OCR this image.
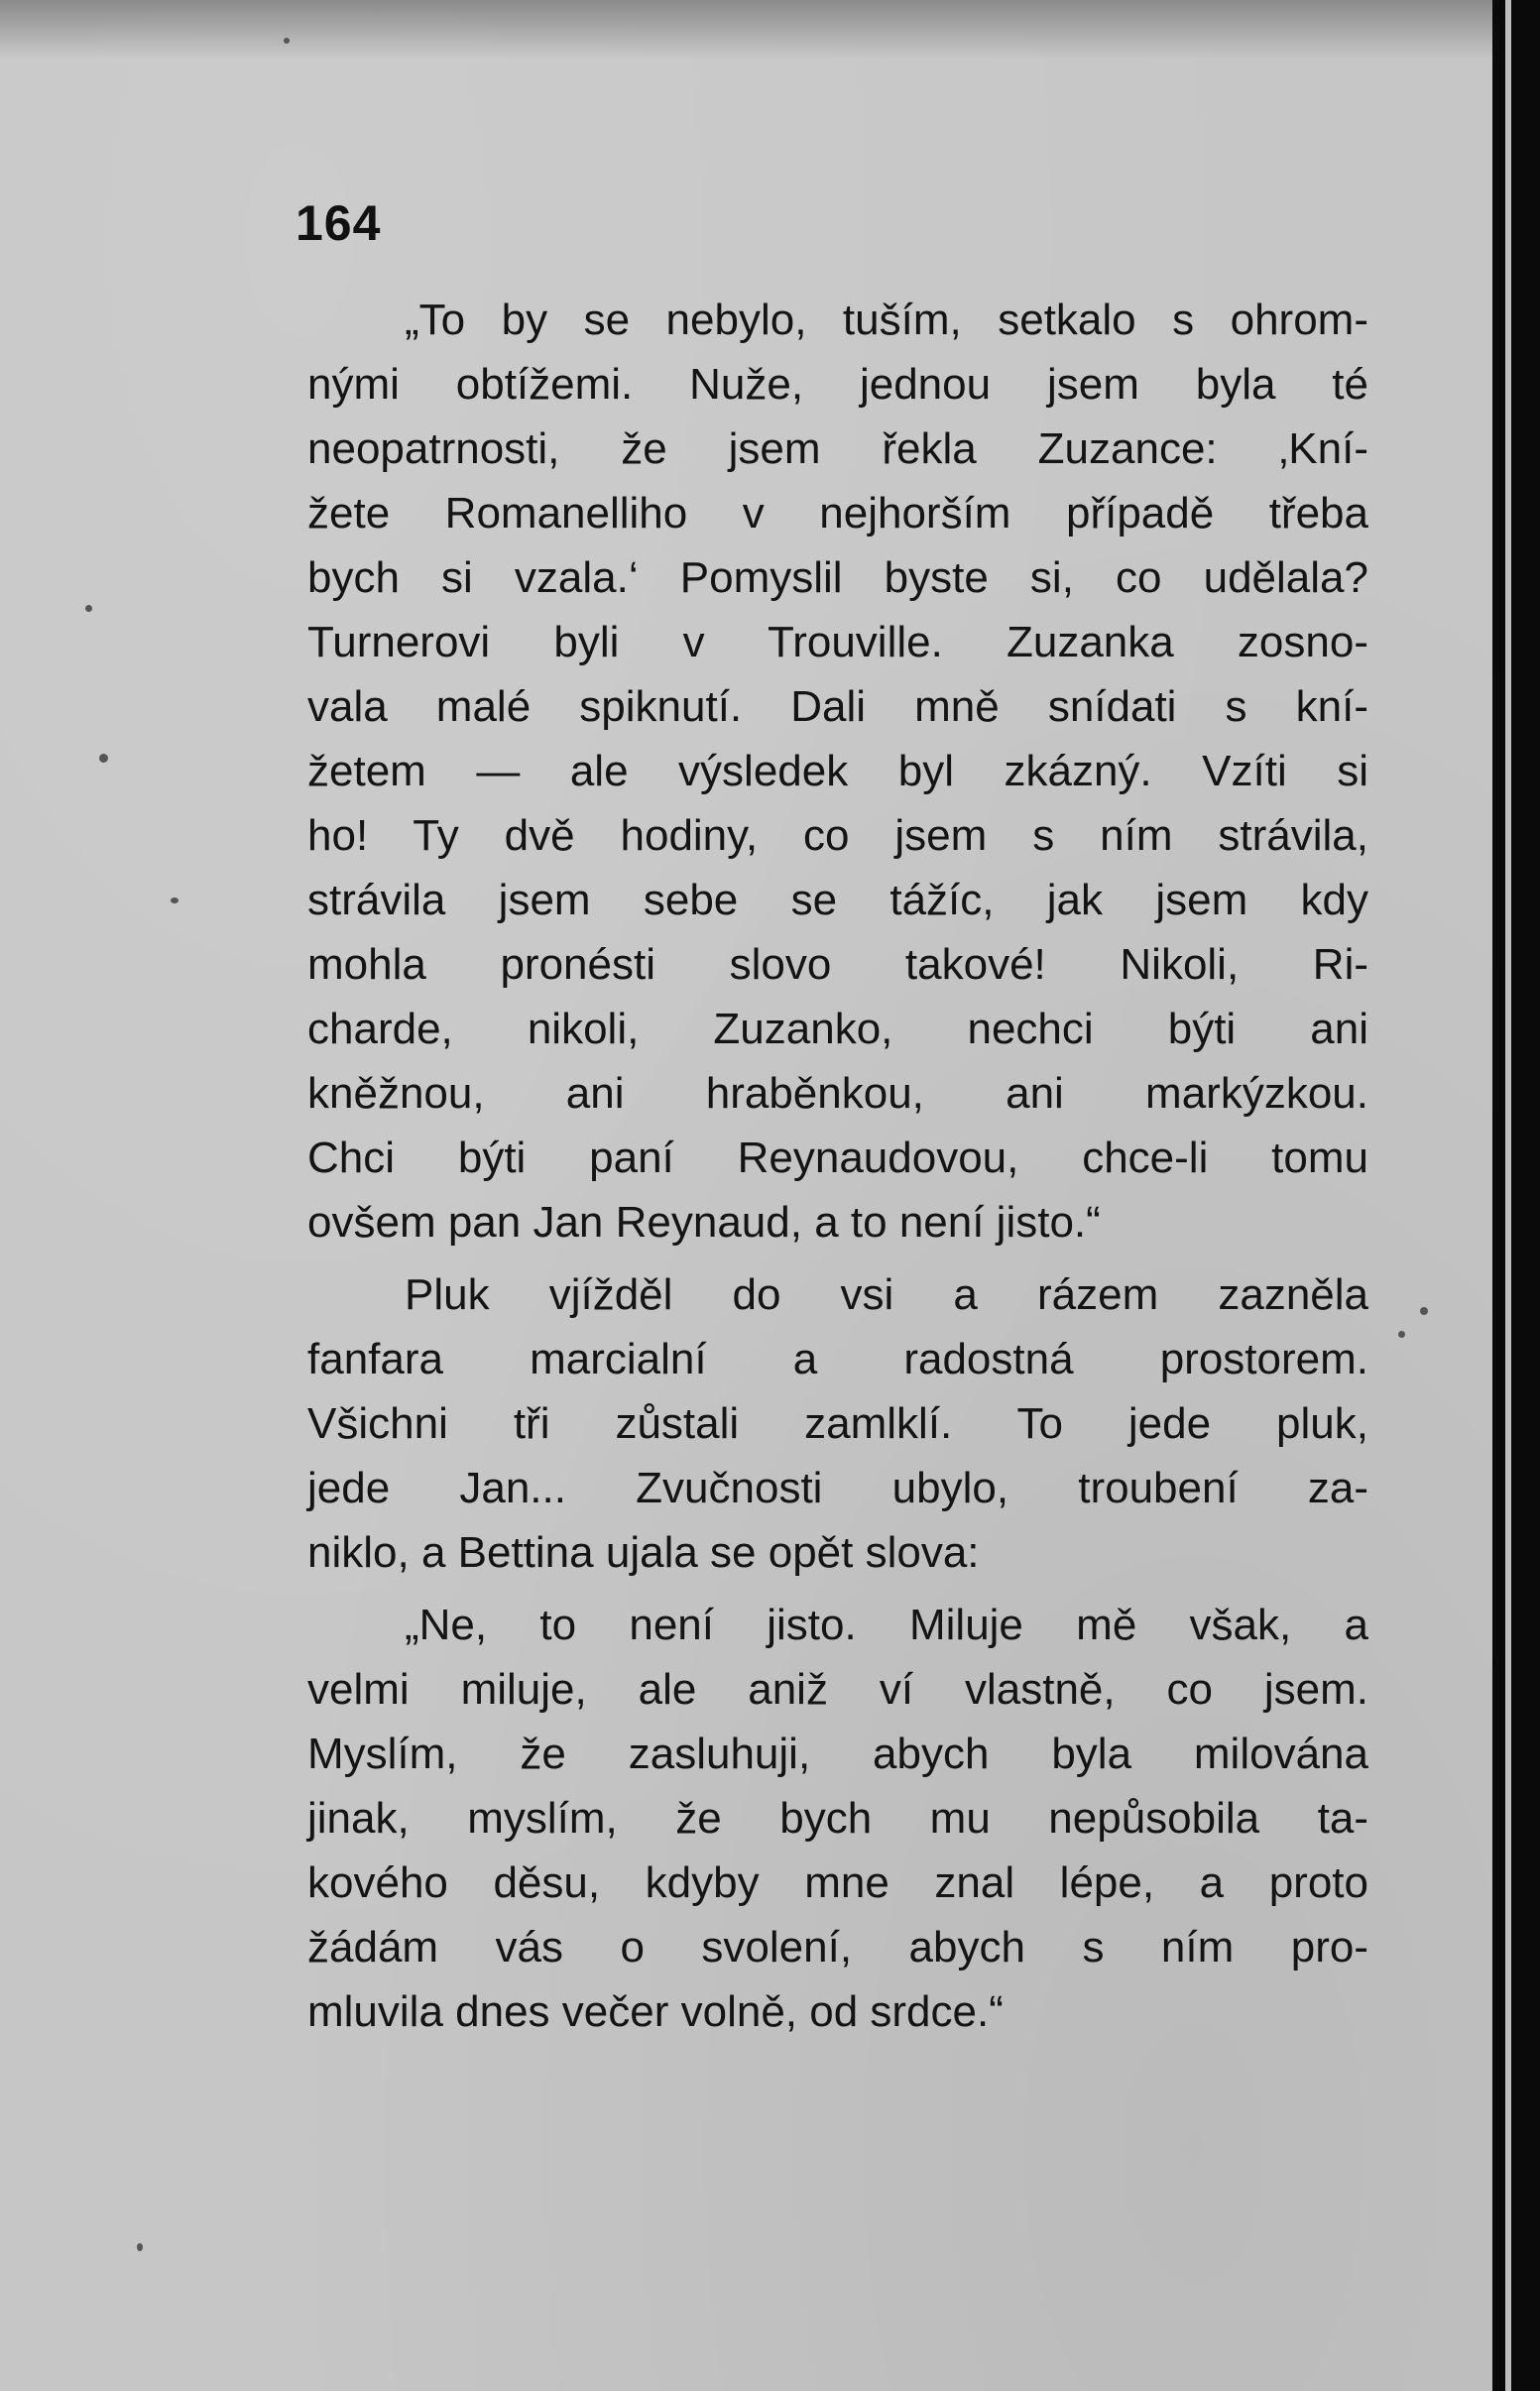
164
„To by se nebylo, tuším, setkalo s ohrom-
nými obtížemi. Nuže, jednou jsem byla té
neopatrnosti, že jsem řekla Zuzance: ‚Kní-
žete Romanelliho v nejhorším případě třeba
bych si vzala.‘ Pomyslil byste si, co udělala?
Turnerovi byli v Trouville. Zuzanka zosno-
vala malé spiknutí. Dali mně snídati s kní-
žetem — ale výsledek byl zkázný. Vzíti si
ho! Ty dvě hodiny, co jsem s ním strávila,
strávila jsem sebe se tážíc, jak jsem kdy
mohla pronésti slovo takové! Nikoli, Ri-
charde, nikoli, Zuzanko, nechci býti ani
kněžnou, ani hraběnkou, ani markýzkou.
Chci býti paní Reynaudovou, chce-li tomu
ovšem pan Jan Reynaud, a to není jisto.“
Pluk vjížděl do vsi a rázem zazněla
fanfara marcialní a radostná prostorem.
Všichni tři zůstali zamlklí. To jede pluk,
jede Jan... Zvučnosti ubylo, troubení za-
niklo, a Bettina ujala se opět slova:
„Ne, to není jisto. Miluje mě však, a
velmi miluje, ale aniž ví vlastně, co jsem.
Myslím, že zasluhuji, abych byla milována
jinak, myslím, že bych mu nepůsobila ta-
kového děsu, kdyby mne znal lépe, a proto
žádám vás o svolení, abych s ním pro-
mluvila dnes večer volně, od srdce.“
